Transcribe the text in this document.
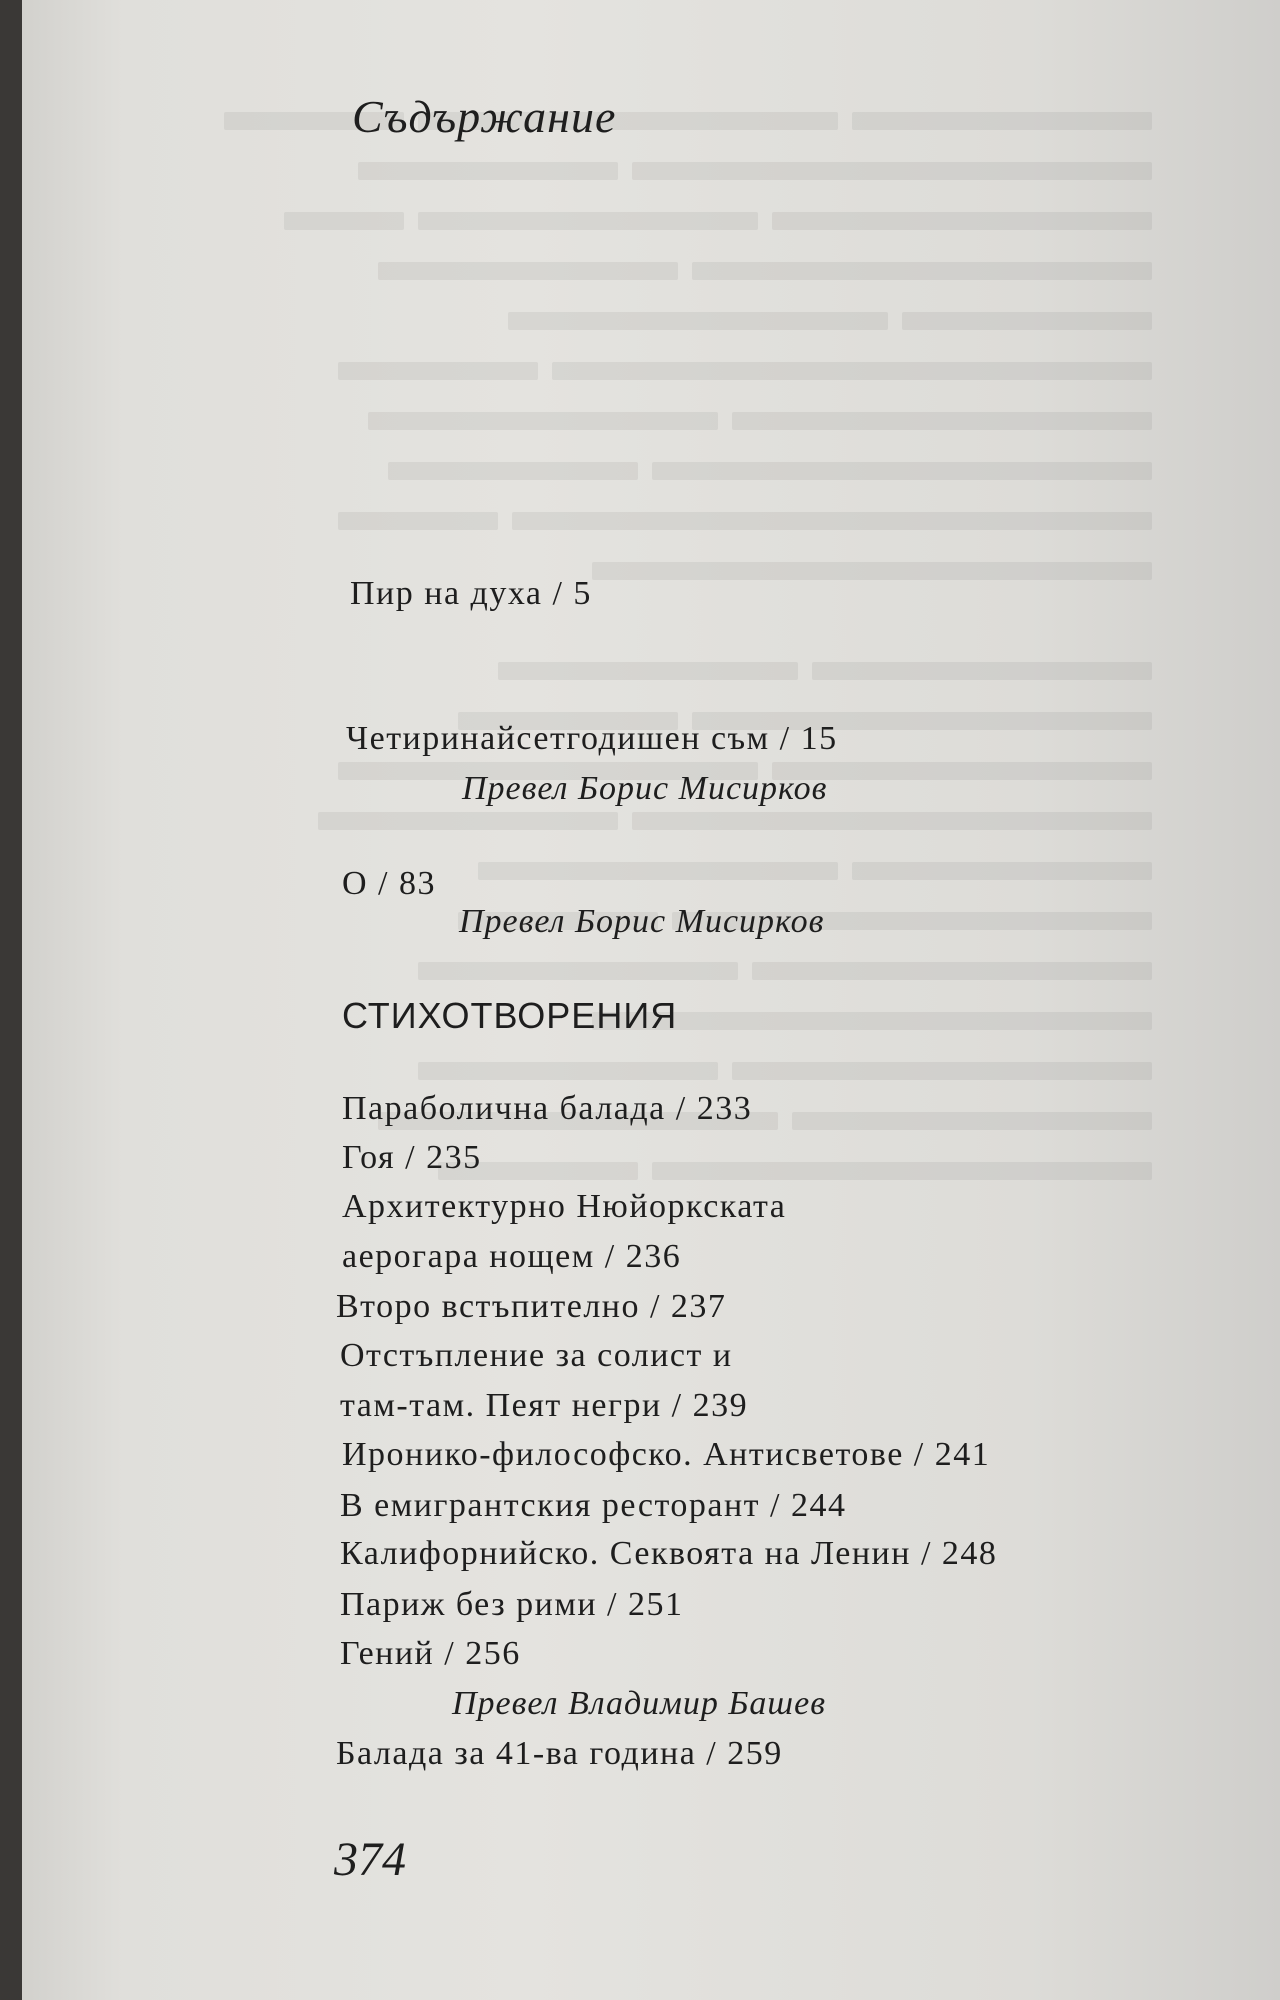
Съдържание
Пир на духа / 5
Четиринайсетгодишен съм / 15
Превел Борис Мисирков
О / 83
Превел Борис Мисирков
СТИХОТВОРЕНИЯ
Параболична балада / 233
Гоя / 235
Архитектурно Нюйоркската
аерогара нощем / 236
Второ встъпително / 237
Отстъпление за солист и
там-там. Пеят негри / 239
Иронико-философско. Антисветове / 241
В емигрантския ресторант / 244
Калифорнийско. Секвоята на Ленин / 248
Париж без рими / 251
Гений / 256
Превел Владимир Башев
Балада за 41-ва година / 259
374
